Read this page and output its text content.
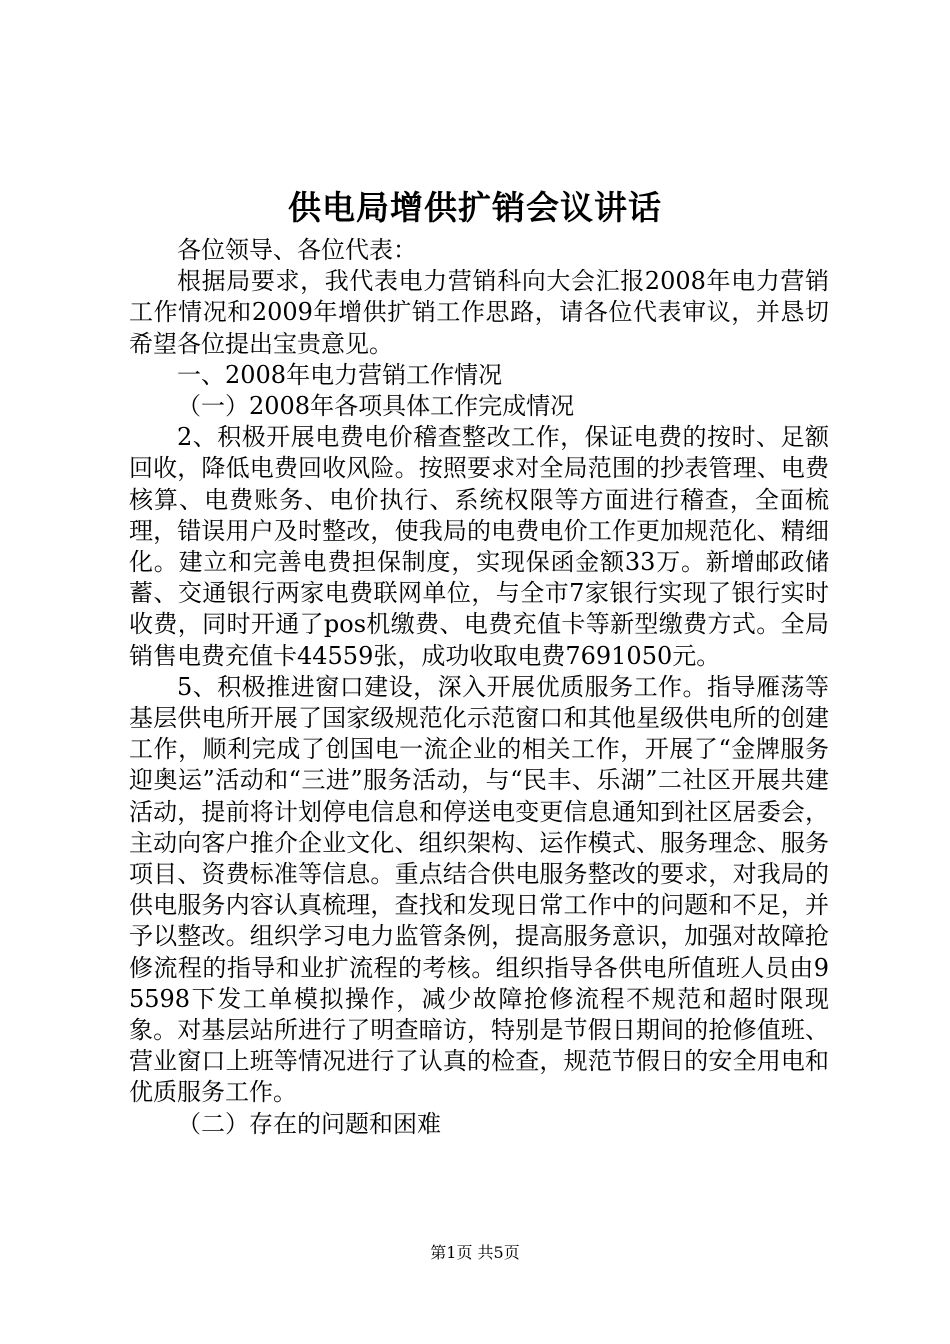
供电局增供扩销会议讲话

各位领导、各位代表：

根据局要求，我代表电力营销科向大会汇报2008年电力营销工作情况和2009年增供扩销工作思路，请各位代表审议，并恳切希望各位提出宝贵意见。

一、2008年电力营销工作情况

（一）2008年各项具体工作完成情况

2、积极开展电费电价稽查整改工作，保证电费的按时、足额回收，降低电费回收风险。按照要求对全局范围的抄表管理、电费核算、电费账务、电价执行、系统权限等方面进行稽查，全面梳理，错误用户及时整改，使我局的电费电价工作更加规范化、精细化。建立和完善电费担保制度，实现保函金额33万。新增邮政储蓄、交通银行两家电费联网单位，与全市7家银行实现了银行实时收费，同时开通了pos机缴费、电费充值卡等新型缴费方式。全局销售电费充值卡44559张，成功收取电费7691050元。

5、积极推进窗口建设，深入开展优质服务工作。指导雁荡等基层供电所开展了国家级规范化示范窗口和其他星级供电所的创建工作，顺利完成了创国电一流企业的相关工作，开展了“金牌服务迎奥运”活动和“三进”服务活动，与“民丰、乐湖”二社区开展共建活动，提前将计划停电信息和停送电变更信息通知到社区居委会，主动向客户推介企业文化、组织架构、运作模式、服务理念、服务项目、资费标准等信息。重点结合供电服务整改的要求，对我局的供电服务内容认真梳理，查找和发现日常工作中的问题和不足，并予以整改。组织学习电力监管条例，提高服务意识，加强对故障抢修流程的指导和业扩流程的考核。组织指导各供电所值班人员由95598下发工单模拟操作，减少故障抢修流程不规范和超时限现象。对基层站所进行了明查暗访，特别是节假日期间的抢修值班、营业窗口上班等情况进行了认真的检查，规范节假日的安全用电和优质服务工作。

（二）存在的问题和困难

第1页 共5页
